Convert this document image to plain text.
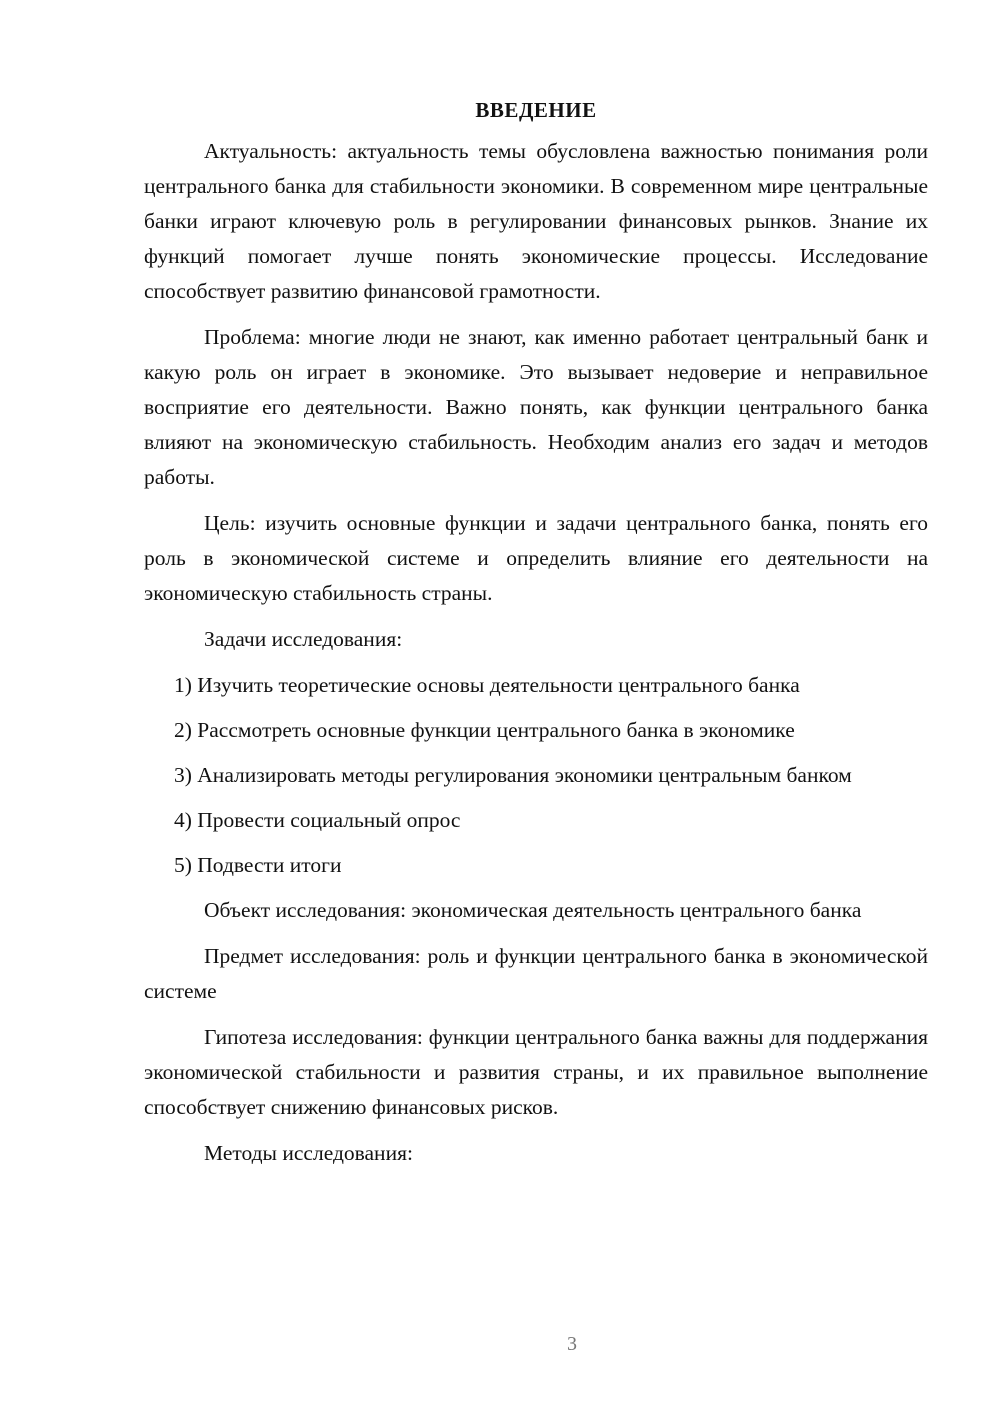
ВВЕДЕНИЕ
Актуальность: актуальность темы обусловлена важностью понимания роли центрального банка для стабильности экономики. В современном мире центральные банки играют ключевую роль в регулировании финансовых рынков. Знание их функций помогает лучше понять экономические процессы. Исследование способствует развитию финансовой грамотности.
Проблема: многие люди не знают, как именно работает центральный банк и какую роль он играет в экономике. Это вызывает недоверие и неправильное восприятие его деятельности. Важно понять, как функции центрального банка влияют на экономическую стабильность. Необходим анализ его задач и методов работы.
Цель: изучить основные функции и задачи центрального банка, понять его роль в экономической системе и определить влияние его деятельности на экономическую стабильность страны.
Задачи исследования:
1) Изучить теоретические основы деятельности центрального банка
2) Рассмотреть основные функции центрального банка в экономике
3) Анализировать методы регулирования экономики центральным банком
4) Провести социальный опрос
5) Подвести итоги
Объект исследования: экономическая деятельность центрального банка
Предмет исследования: роль и функции центрального банка в экономической системе
Гипотеза исследования: функции центрального банка важны для поддержания экономической стабильности и развития страны, и их правильное выполнение способствует снижению финансовых рисков.
Методы исследования:
3
